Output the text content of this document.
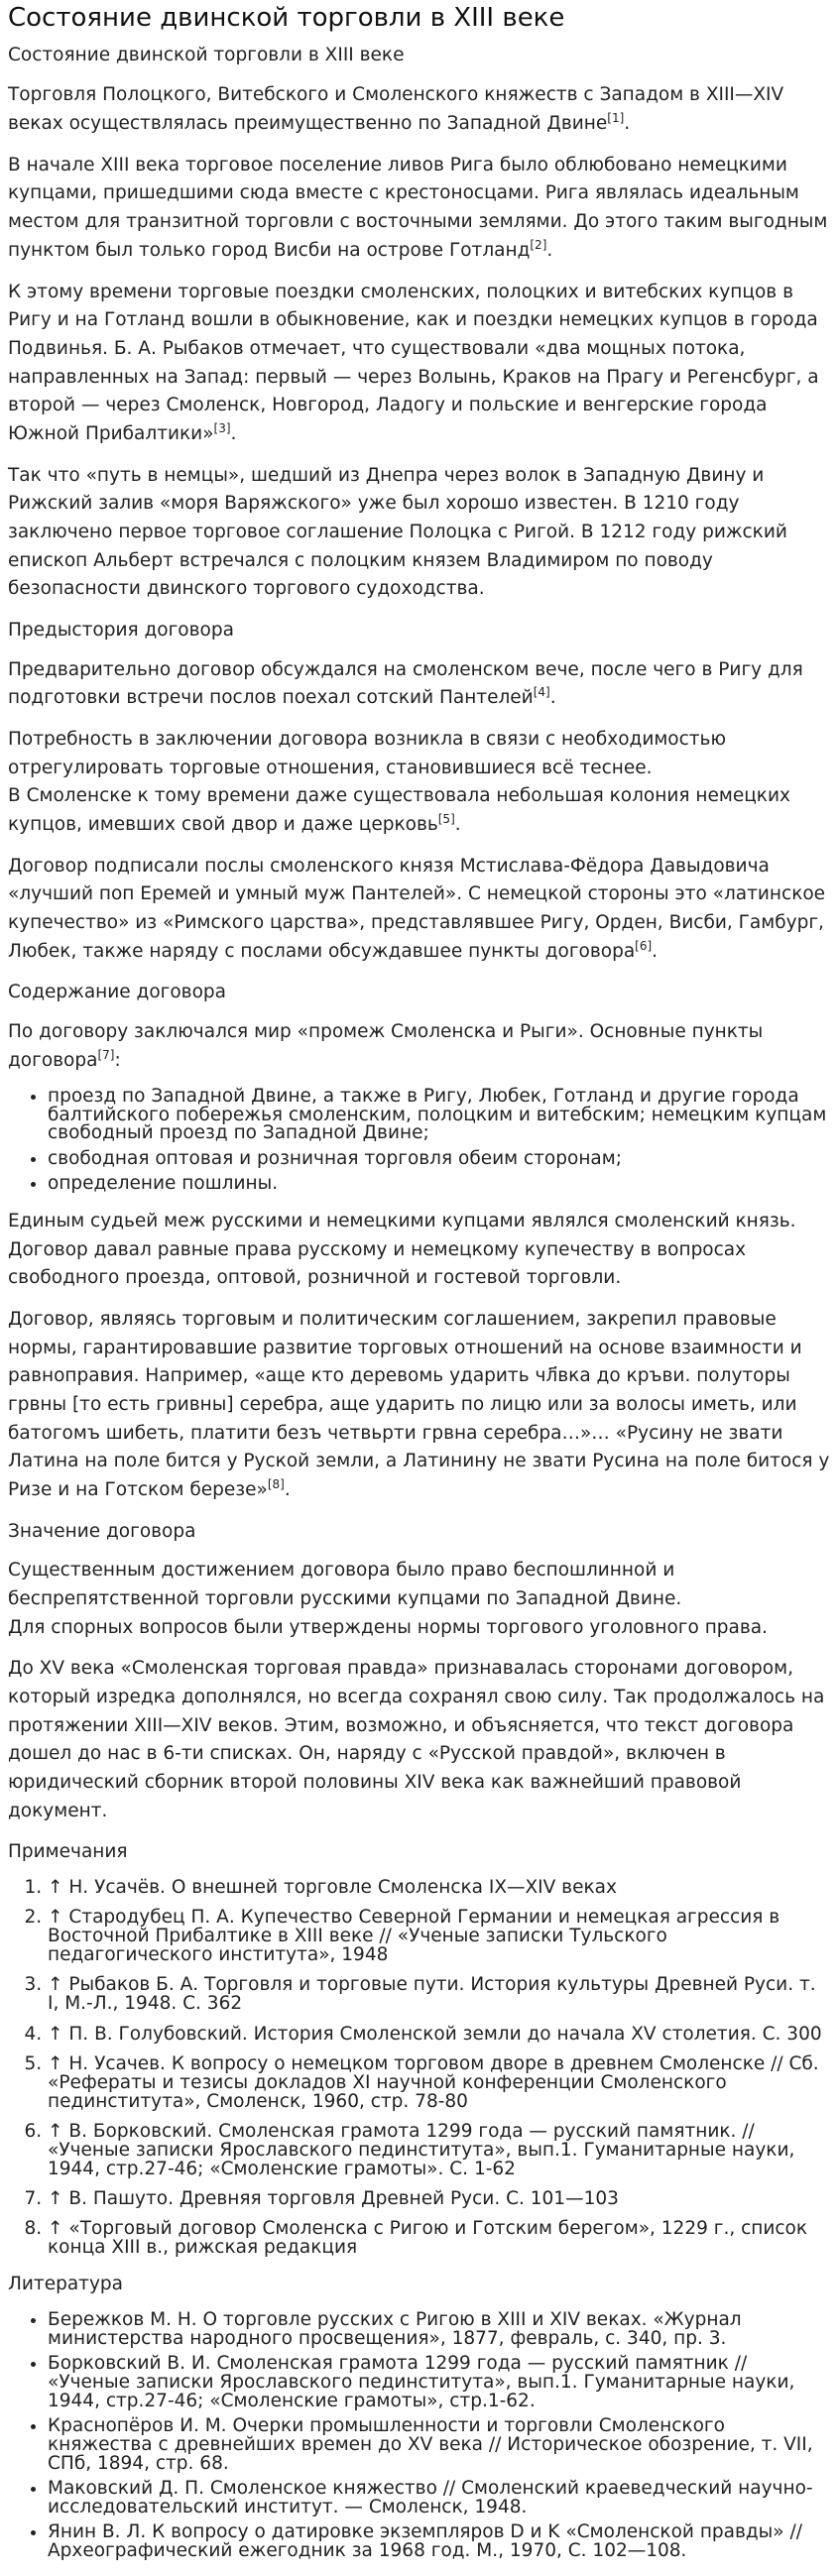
Состояние двинской торговли в XIII веке
Состояние двинской торговли в XIII веке

Торговля Полоцкого, Витебского и Смоленского княжеств с Западом в XIII—XIV веках осуществлялась преимущественно по Западной Двине[1].

В начале XIII века торговое поселение ливов Рига было облюбовано немецкими купцами, пришедшими сюда вместе с крестоносцами. Рига являлась идеальным местом для транзитной торговли с восточными землями. До этого таким выгодным пунктом был только город Висби на острове Готланд[2].

К этому времени торговые поездки смоленских, полоцких и витебских купцов в Ригу и на Готланд вошли в обыкновение, как и поездки немецких купцов в города Подвинья. Б. А. Рыбаков отмечает, что существовали «два мощных потока, направленных на Запад: первый — через Волынь, Краков на Прагу и Регенсбург, а второй — через Смоленск, Новгород, Ладогу и польские и венгерские города Южной Прибалтики»[3].

Так что «путь в немцы», шедший из Днепра через волок в Западную Двину и Рижский залив «моря Варяжского» уже был хорошо известен. В 1210 году заключено первое торговое соглашение Полоцка с Ригой. В 1212 году рижский епископ Альберт встречался с полоцким князем Владимиром по поводу безопасности двинского торгового судоходства.

Предыстория договора

Предварительно договор обсуждался на смоленском вече, после чего в Ригу для подготовки встречи послов поехал сотский Пантелей[4].

Потребность в заключении договора возникла в связи с необходимостью отрегулировать торговые отношения, становившиеся всё теснее.
В Смоленске к тому времени даже существовала небольшая колония немецких купцов, имевших свой двор и даже церковь[5].

Договор подписали послы смоленского князя Мстислава-Фёдора Давыдовича «лучший поп Еремей и умный муж Пантелей». С немецкой стороны это «латинское купечество» из «Римского царства», представлявшее Ригу, Орден, Висби, Гамбург, Любек, также наряду с послами обсуждавшее пункты договора[6].

Содержание договора

По договору заключался мир «промеж Смоленска и Рыги». Основные пункты договора[7]:

• проезд по Западной Двине, а также в Ригу, Любек, Готланд и другие города балтийского побережья смоленским, полоцким и витебским; немецким купцам свободный проезд по Западной Двине;
• свободная оптовая и розничная торговля обеим сторонам;
• определение пошлины.

Единым судьей меж русскими и немецкими купцами являлся смоленский князь. Договор давал равные права русскому и немецкому купечеству в вопросах свободного проезда, оптовой, розничной и гостевой торговли.

Договор, являясь торговым и политическим соглашением, закрепил правовые нормы, гарантировавшие развитие торговых отношений на основе взаимности и равноправия. Например, «аще кто деревомь ударить чл҃вка до кръви. полуторы грвны [то есть гривны] серебра, аще ударить по лицю или за волосы иметь, или батогомъ шибеть, платити безъ четвьрти грвна серебра…»… «Русину не звати Латина на поле бится у Руской земли, а Латинину не звати Русина на поле битося у Ризе и на Готском березе»[8].

Значение договора

Существенным достижением договора было право беспошлинной и беспрепятственной торговли русскими купцами по Западной Двине.
Для спорных вопросов были утверждены нормы торгового уголовного права.

До XV века «Смоленская торговая правда» признавалась сторонами договором, который изредка дополнялся, но всегда сохранял свою силу. Так продолжалось на протяжении XIII—XIV веков. Этим, возможно, и объясняется, что текст договора дошел до нас в 6-ти списках. Он, наряду с «Русской правдой», включен в юридический сборник второй половины XIV века как важнейший правовой документ.

Примечания
1. ↑ Н. Усачёв. О внешней торговле Смоленска IX—XIV веках
2. ↑ Стародубец П. А. Купечество Северной Германии и немецкая агрессия в Восточной Прибалтике в XIII веке // «Ученые записки Тульского педагогического института», 1948
3. ↑ Рыбаков Б. А. Торговля и торговые пути. История культуры Древней Руси. т. I, М.-Л., 1948. С. 362
4. ↑ П. В. Голубовский. История Смоленской земли до начала XV столетия. С. 300
5. ↑ Н. Усачев. К вопросу о немецком торговом дворе в древнем Смоленске // Сб. «Рефераты и тезисы докладов XI научной конференции Смоленского пединститута», Смоленск, 1960, стр. 78-80
6. ↑ В. Борковский. Смоленская грамота 1299 года — русский памятник. // «Ученые записки Ярославского пединститута», вып.1. Гуманитарные науки, 1944, стр.27-46; «Смоленские грамоты». С. 1-62
7. ↑ В. Пашуто. Древняя торговля Древней Руси. С. 101—103
8. ↑ «Торговый договор Смоленска с Ригою и Готским берегом», 1229 г., список конца XIII в., рижская редакция
Литература
• Бережков М. Н. О торговле русских с Ригою в XIII и XIV веках. «Журнал министерства народного просвещения», 1877, февраль, с. 340, пр. 3.
• Борковский В. И. Смоленская грамота 1299 года — русский памятник // «Ученые записки Ярославского пединститута», вып.1. Гуманитарные науки, 1944, стр.27-46; «Смоленские грамоты», стр.1-62.
• Краснопёров И. М. Очерки промышленности и торговли Смоленского княжества с древнейших времен до XV века // Историческое обозрение, т. VII, СПб, 1894, стр. 68.
• Маковский Д. П. Смоленское княжество // Смоленский краеведческий научно-исследовательский институт. — Смоленск, 1948.
• Янин В. Л. К вопросу о датировке экземпляров D и K «Смоленской правды» // Археографический ежегодник за 1968 год. М., 1970, С. 102—108.
